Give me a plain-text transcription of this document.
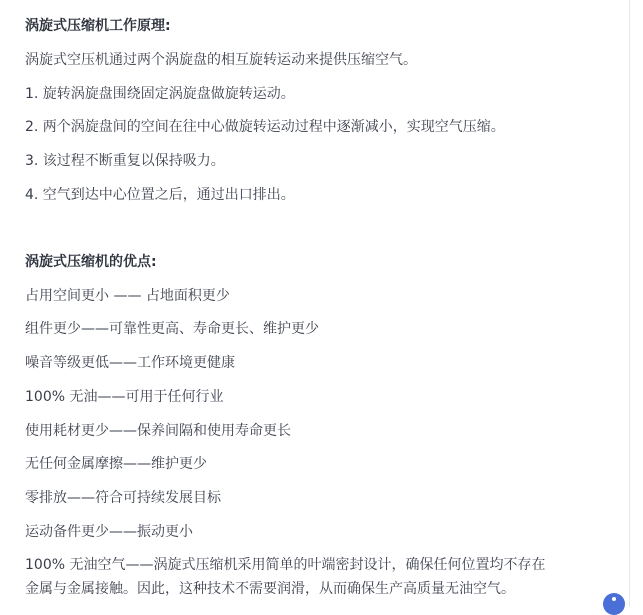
涡旋式压缩机工作原理:
涡旋式空压机通过两个涡旋盘的相互旋转运动来提供压缩空气。
1. 旋转涡旋盘围绕固定涡旋盘做旋转运动。
2. 两个涡旋盘间的空间在往中心做旋转运动过程中逐渐减小，实现空气压缩。
3. 该过程不断重复以保持吸力。
4. 空气到达中心位置之后，通过出口排出。
涡旋式压缩机的优点:
占用空间更小 —— 占地面积更少
组件更少——可靠性更高、寿命更长、维护更少
噪音等级更低——工作环境更健康
100% 无油——可用于任何行业
使用耗材更少——保养间隔和使用寿命更长
无任何金属摩擦——维护更少
零排放——符合可持续发展目标
运动备件更少——振动更小
100% 无油空气——涡旋式压缩机采用简单的叶端密封设计，确保任何位置均不存在
金属与金属接触。因此，这种技术不需要润滑，从而确保生产高质量无油空气。
